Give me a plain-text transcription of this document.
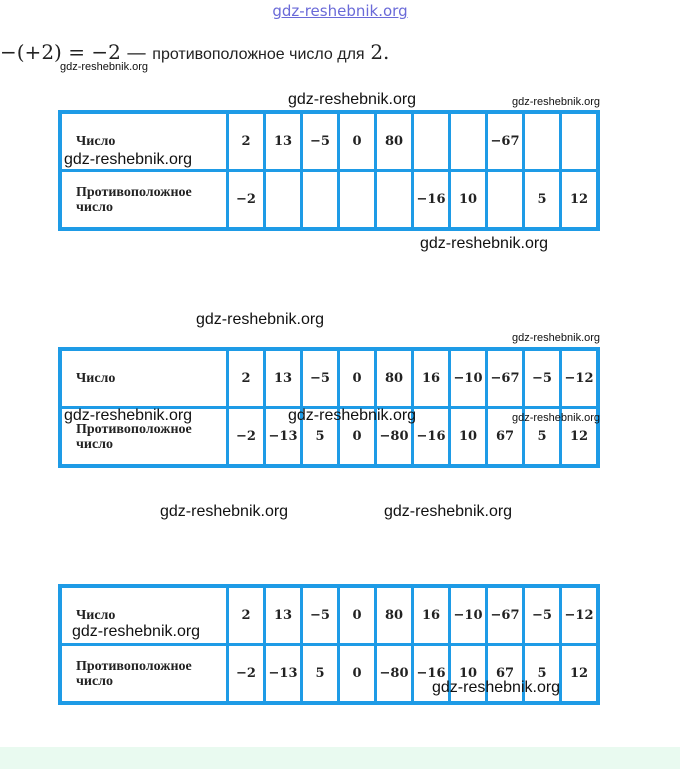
gdz-reshebnik.org
−(+2) = −2 — противоположное число для 2.
Число	2	13	−5	0	80			−67		
Противоположное число	−2					−16	10		5	12
Число	2	13	−5	0	80	16	−10	−67	−5	−12
Противоположное число	−2	−13	5	0	−80	−16	10	67	5	12
Число	2	13	−5	0	80	16	−10	−67	−5	−12
Противоположное число	−2	−13	5	0	−80	−16	10	67	5	12
gdz-reshebnik.org
gdz-reshebnik.org	gdz-reshebnik.org
gdz-reshebnik.org
gdz-reshebnik.org
gdz-reshebnik.org
gdz-reshebnik.org
gdz-reshebnik.org	gdz-reshebnik.org	gdz-reshebnik.org
gdz-reshebnik.org	gdz-reshebnik.org
gdz-reshebnik.org
gdz-reshebnik.org
